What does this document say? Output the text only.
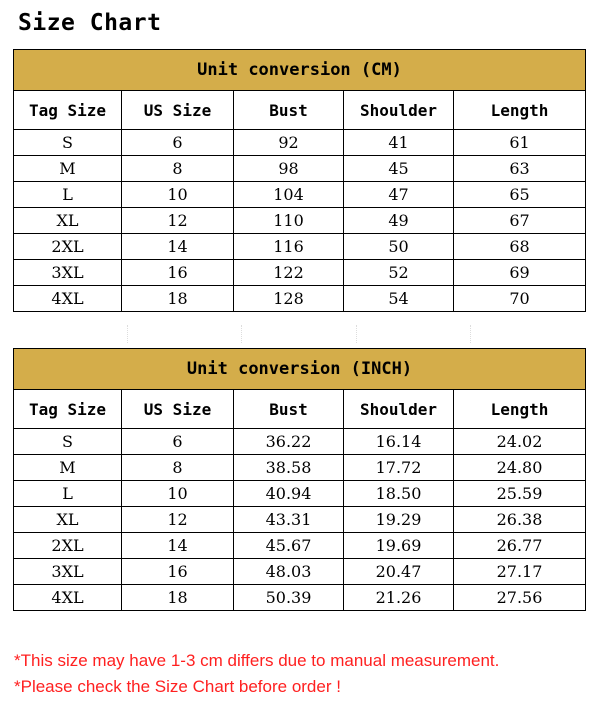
Size Chart
Unit conversion (CM)				
Tag Size	US Size	Bust	Shoulder	Length
S	6	92	41	61
M	8	98	45	63
L	10	104	47	65
XL	12	110	49	67
2XL	14	116	50	68
3XL	16	122	52	69
4XL	18	128	54	70
Unit conversion (INCH)				
Tag Size	US Size	Bust	Shoulder	Length
S	6	36.22	16.14	24.02
M	8	38.58	17.72	24.80
L	10	40.94	18.50	25.59
XL	12	43.31	19.29	26.38
2XL	14	45.67	19.69	26.77
3XL	16	48.03	20.47	27.17
4XL	18	50.39	21.26	27.56
*This size may have 1-3 cm differs due to manual measurement.
*Please check the Size Chart before order !
